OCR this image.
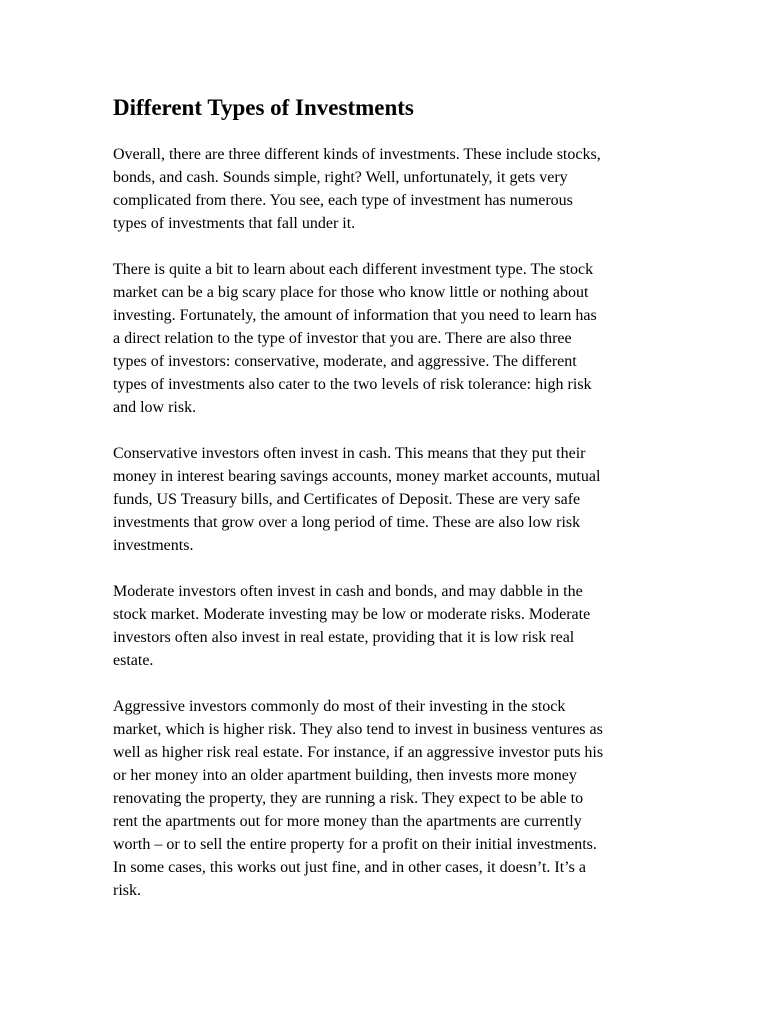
Different Types of Investments

Overall, there are three different kinds of investments. These include stocks,
bonds, and cash. Sounds simple, right? Well, unfortunately, it gets very
complicated from there. You see, each type of investment has numerous
types of investments that fall under it.

There is quite a bit to learn about each different investment type. The stock
market can be a big scary place for those who know little or nothing about
investing. Fortunately, the amount of information that you need to learn has
a direct relation to the type of investor that you are. There are also three
types of investors: conservative, moderate, and aggressive. The different
types of investments also cater to the two levels of risk tolerance: high risk
and low risk.

Conservative investors often invest in cash. This means that they put their
money in interest bearing savings accounts, money market accounts, mutual
funds, US Treasury bills, and Certificates of Deposit. These are very safe
investments that grow over a long period of time. These are also low risk
investments.

Moderate investors often invest in cash and bonds, and may dabble in the
stock market. Moderate investing may be low or moderate risks. Moderate
investors often also invest in real estate, providing that it is low risk real
estate.

Aggressive investors commonly do most of their investing in the stock
market, which is higher risk. They also tend to invest in business ventures as
well as higher risk real estate. For instance, if an aggressive investor puts his
or her money into an older apartment building, then invests more money
renovating the property, they are running a risk. They expect to be able to
rent the apartments out for more money than the apartments are currently
worth – or to sell the entire property for a profit on their initial investments.
In some cases, this works out just fine, and in other cases, it doesn’t. It’s a
risk.
